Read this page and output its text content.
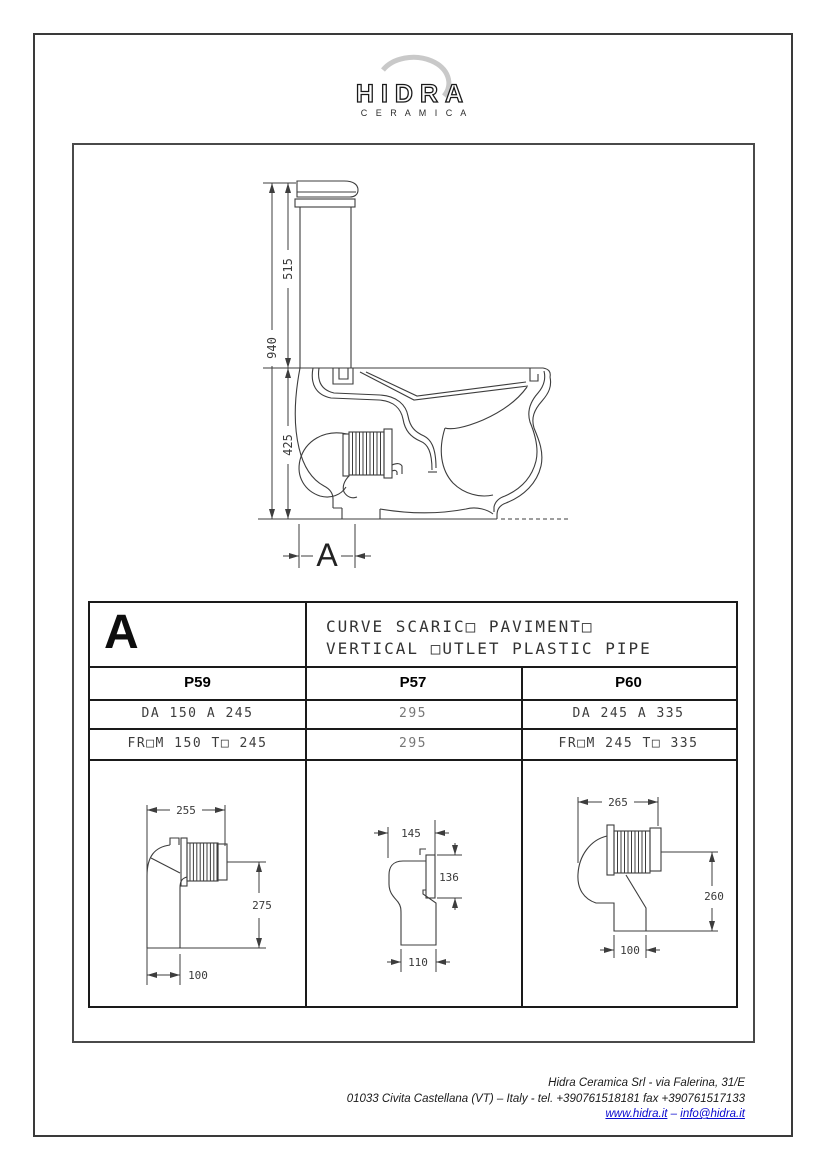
HIDRA
C E R A M I C A
940
515
425
A
255
275
100
145
136
110
265
260
100
A	CURVE SCARIC□ PAVIMENT□
VERTICAL □UTLET PLASTIC PIPE
P59	P57	P60
DA 150 A 245	295	DA 245 A 335
FR□M 150 T□ 245	295	FR□M 245 T□ 335
Hidra Ceramica Srl - via Falerina, 31/E
01033 Civita Castellana (VT) – Italy - tel. +390761518181 fax +390761517133
www.hidra.it – info@hidra.it
